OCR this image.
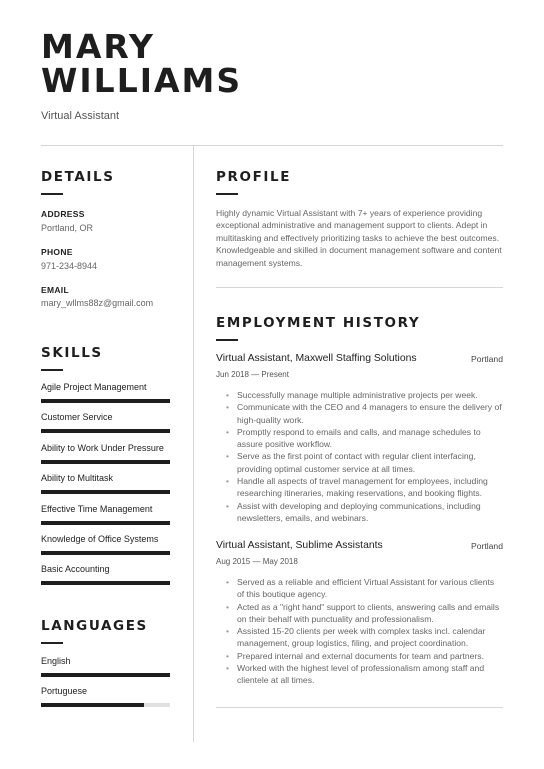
MARY
WILLIAMS
Virtual Assistant
DETAILS
ADDRESS
Portland, OR
PHONE
971-234-8944
EMAIL
mary_wllms88z@gmail.com
SKILLS
Agile Project Management
Customer Service
Ability to Work Under Pressure
Ability to Multitask
Effective Time Management
Knowledge of Office Systems
Basic Accounting
LANGUAGES
English
Portuguese
PROFILE
Highly dynamic Virtual Assistant with 7+ years of experience providing exceptional administrative and management support to clients. Adept in multitasking and effectively prioritizing tasks to achieve the best outcomes. Knowledgeable and skilled in document management software and content management systems.
EMPLOYMENT HISTORY
Virtual Assistant, Maxwell Staffing Solutions	Portland
Jun 2018 — Present
• Successfully manage multiple administrative projects per week.
• Communicate with the CEO and 4 managers to ensure the delivery of high-quality work.
• Promptly respond to emails and calls, and manage schedules to assure positive workflow.
• Serve as the first point of contact with regular client interfacing, providing optimal customer service at all times.
• Handle all aspects of travel management for employees, including researching itineraries, making reservations, and booking flights.
• Assist with developing and deploying communications, including newsletters, emails, and webinars.
Virtual Assistant, Sublime Assistants	Portland
Aug 2015 — May 2018
• Served as a reliable and efficient Virtual Assistant for various clients of this boutique agency.
• Acted as a "right hand" support to clients, answering calls and emails on their behalf with punctuality and professionalism.
• Assisted 15-20 clients per week with complex tasks incl. calendar management, group logistics, filing, and project coordination.
• Prepared internal and external documents for team and partners.
• Worked with the highest level of professionalism among staff and clientele at all times.
